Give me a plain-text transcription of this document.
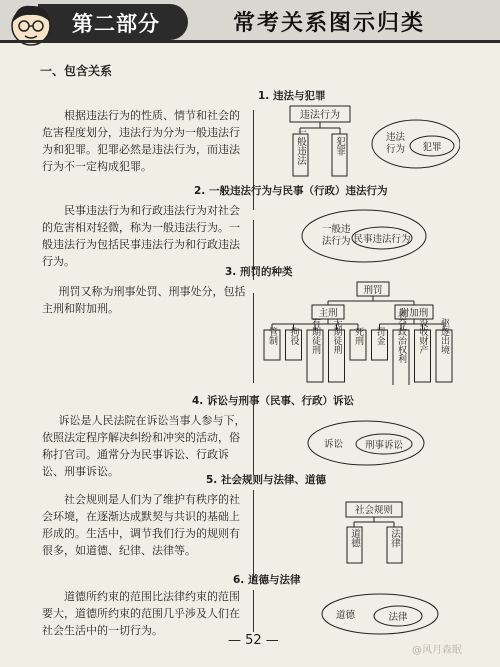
第二部分	常考关系图示归类
一、包含关系
1. 违法与犯罪
根据违法行为的性质、情节和社会的危害程度划分，违法行为分为一般违法行为和犯罪。犯罪必然是违法行为，而违法行为不一定构成犯罪。
违法行为
一般违法	犯罪	违法
行为 犯罪
2. 一般违法行为与民事（行政）违法行为
民事违法行为和行政违法行为对社会的危害相对轻微，称为一般违法行为。一般违法行为包括民事违法行为和行政违法行为。
一般违
法行为 民事违法行为
3. 刑罚的种类
刑罚又称为刑事处罚、刑事处分，包括主刑和附加刑。
刑罚
主刑	附加刑
管制 拘役 有期徒刑 无期徒刑 死刑 罚金 剥夺政治权利 没收财产 驱逐出境
4. 诉讼与刑事（民事、行政）诉讼
诉讼是人民法院在诉讼当事人参与下，依照法定程序解决纠纷和冲突的活动，俗称打官司。通常分为民事诉讼、行政诉讼、刑事诉讼。
诉讼 刑事诉讼
5. 社会规则与法律、道德
社会规则是人们为了维护有秩序的社会环境，在逐渐达成默契与共识的基础上形成的。生活中，调节我们行为的规则有很多，如道德、纪律、法律等。
社会规则
道德	法律
6. 道德与法律
道德所约束的范围比法律约束的范围要大，道德所约束的范围几乎涉及人们在社会生活中的一切行为。
道德	法律
— 52 —
@风月森眠
